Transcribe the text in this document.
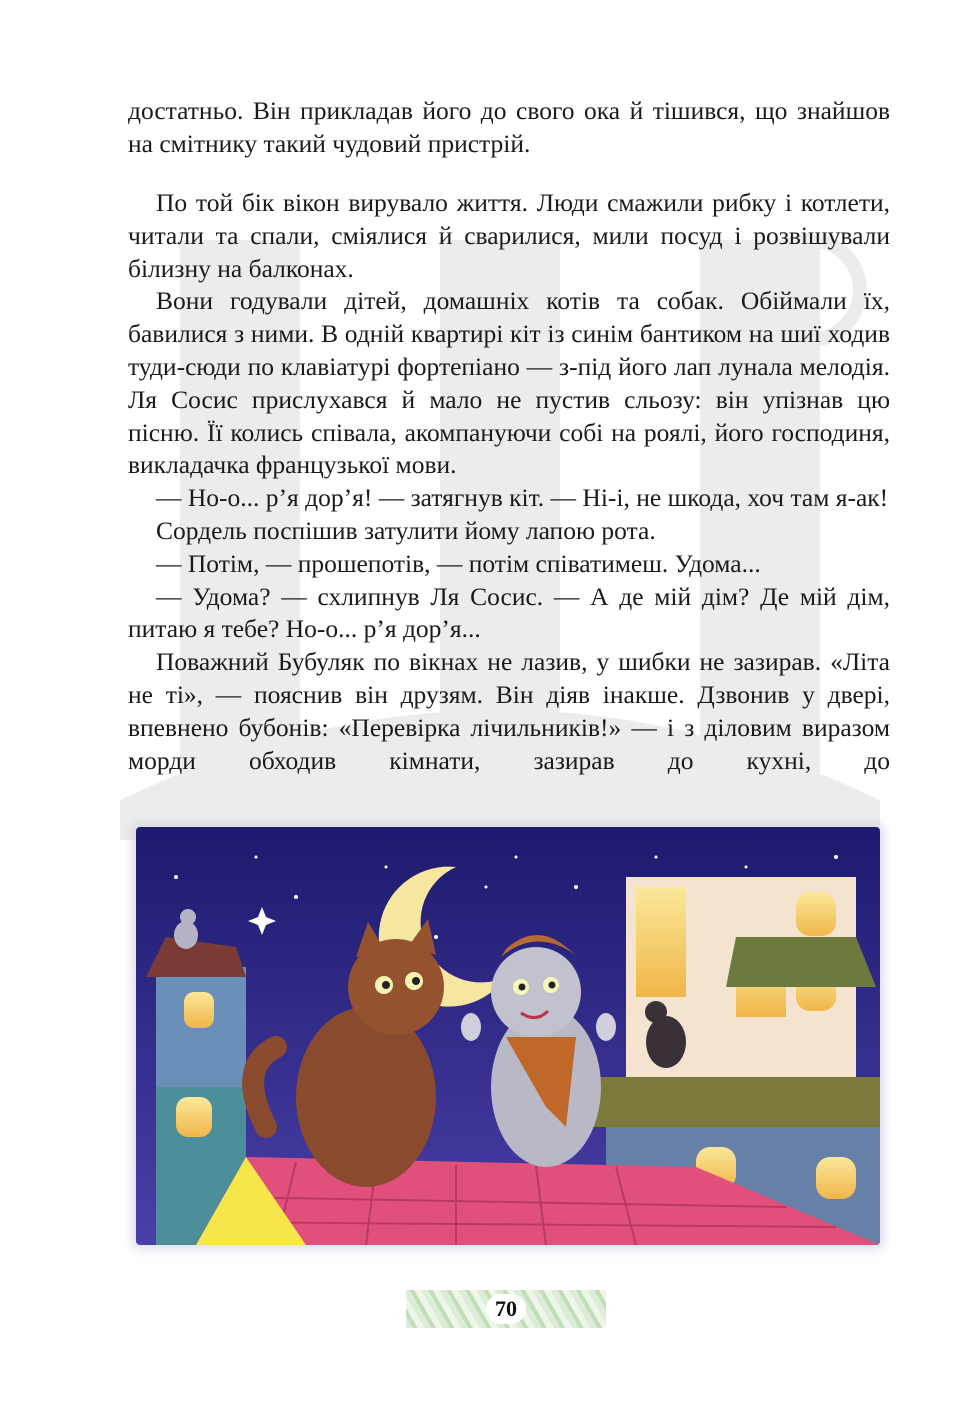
достатньо. Він прикладав його до свого ока й тішився, що знайшов на смітнику такий чудовий пристрій.

По той бік вікон вирувало життя. Люди смажили рибку і котлети, читали та спали, сміялися й сварилися, мили посуд і розвішували білизну на балконах.

Вони годували дітей, домашніх котів та собак. Обіймали їх, бавилися з ними. В одній квартирі кіт із синім бантиком на шиї ходив туди-сюди по клавіатурі фортепіано — з-під його лап лунала мелодія. Ля Сосис прислухався й мало не пустив сльозу: він упізнав цю пісню. Її колись співала, акомпануючи собі на роялі, його господиня, викладачка французької мови.

— Но-о... р’я дор’я! — затягнув кіт. — Ні-і, не шкода, хоч там я-ак!

Сордель поспішив затулити йому лапою рота.

— Потім, — прошепотів, — потім співатимеш. Удома...

— Удома? — схлипнув Ля Сосис. — А де мій дім? Де мій дім, питаю я тебе? Но-о... р’я дор’я...

Поважний Бубуляк по вікнах не лазив, у шибки не зазирав. «Літа не ті», — пояснив він друзям. Він діяв інакше. Дзвонив у двері, впевнено бубонів: «Перевірка лічильників!» — і з діловим виразом морди обходив кімнати, зазирав до кухні, до

70
